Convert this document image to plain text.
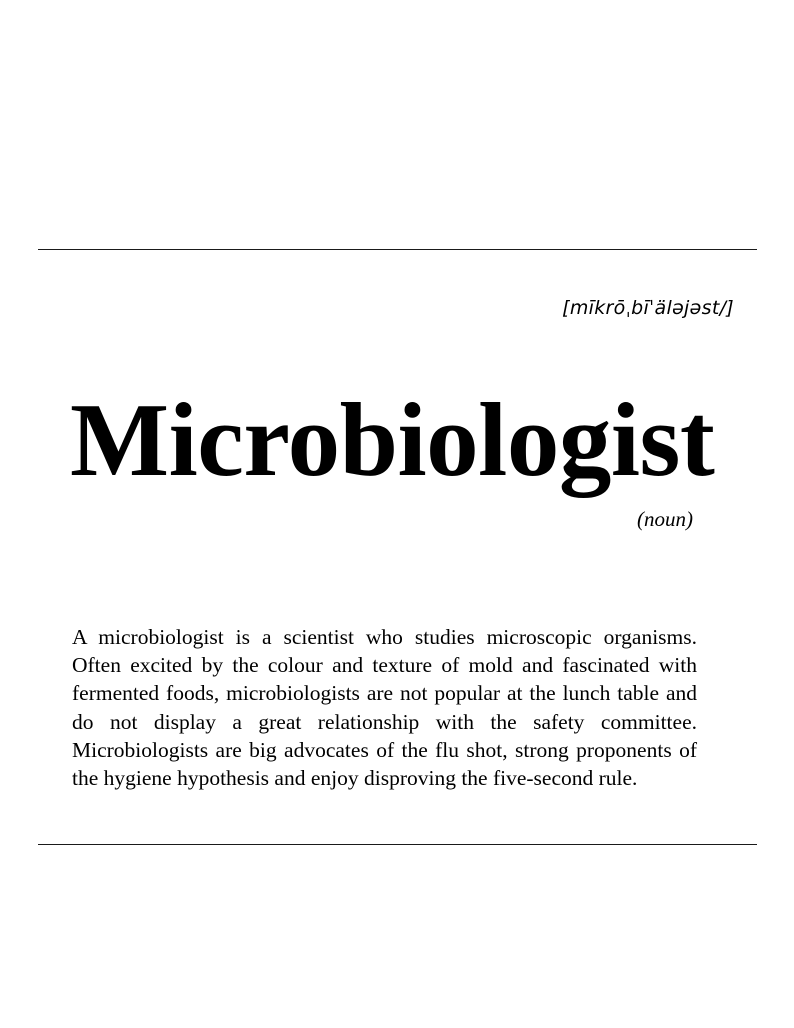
[mīkrōˌbīˈäləjəst/]
Microbiologist
(noun)

A microbiologist is a scientist who studies microscopic organisms. Often excited by the colour and texture of mold and fascinated with fermented foods, microbiologists are not popular at the lunch table and do not display a great relationship with the safety committee. Microbiologists are big advocates of the flu shot, strong proponents of the hygiene hypothesis and enjoy disproving the five-second rule.
